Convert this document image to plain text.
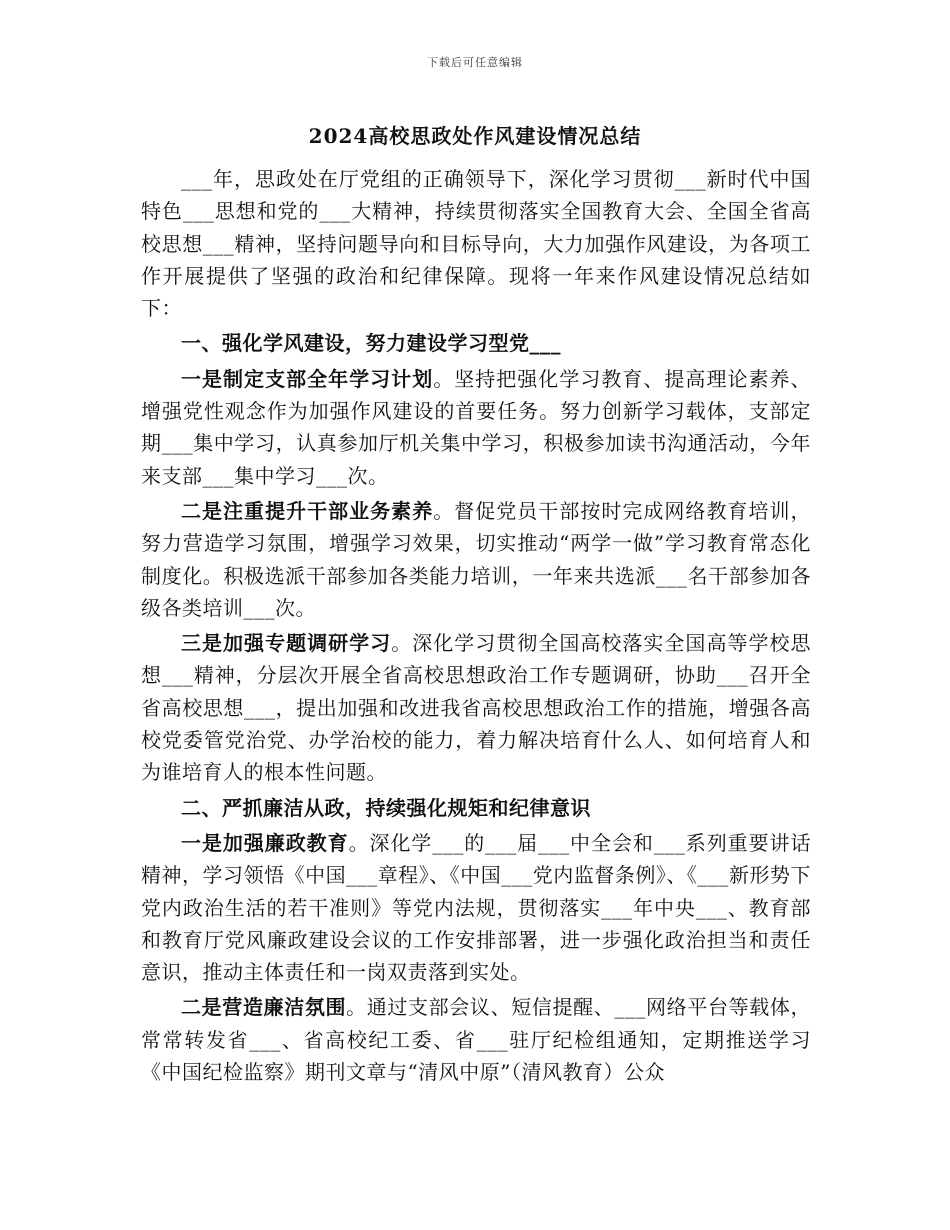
下载后可任意编辑
2024高校思政处作风建设情况总结

___年，思政处在厅党组的正确领导下，深化学习贯彻___新时代中国特色___思想和党的___大精神，持续贯彻落实全国教育大会、全国全省高校思想___精神，坚持问题导向和目标导向，大力加强作风建设，为各项工作开展提供了坚强的政治和纪律保障。现将一年来作风建设情况总结如下：

一、强化学风建设，努力建设学习型党___

一是制定支部全年学习计划。坚持把强化学习教育、提高理论素养、增强党性观念作为加强作风建设的首要任务。努力创新学习载体，支部定期___集中学习，认真参加厅机关集中学习，积极参加读书沟通活动，今年来支部___集中学习___次。

二是注重提升干部业务素养。督促党员干部按时完成网络教育培训，努力营造学习氛围，增强学习效果，切实推动“两学一做”学习教育常态化制度化。积极选派干部参加各类能力培训，一年来共选派___名干部参加各级各类培训___次。

三是加强专题调研学习。深化学习贯彻全国高校落实全国高等学校思想___精神，分层次开展全省高校思想政治工作专题调研，协助___召开全省高校思想___，提出加强和改进我省高校思想政治工作的措施，增强各高校党委管党治党、办学治校的能力，着力解决培育什么人、如何培育人和为谁培育人的根本性问题。

二、严抓廉洁从政，持续强化规矩和纪律意识

一是加强廉政教育。深化学___的___届___中全会和___系列重要讲话精神，学习领悟《中国___章程》、《中国___党内监督条例》、《___新形势下党内政治生活的若干准则》等党内法规，贯彻落实___年中央___、教育部和教育厅党风廉政建设会议的工作安排部署，进一步强化政治担当和责任意识，推动主体责任和一岗双责落到实处。

二是营造廉洁氛围。通过支部会议、短信提醒、___网络平台等载体，常常转发省___、省高校纪工委、省___驻厅纪检组通知，定期推送学习《中国纪检监察》期刊文章与“清风中原”（清风教育）公众
